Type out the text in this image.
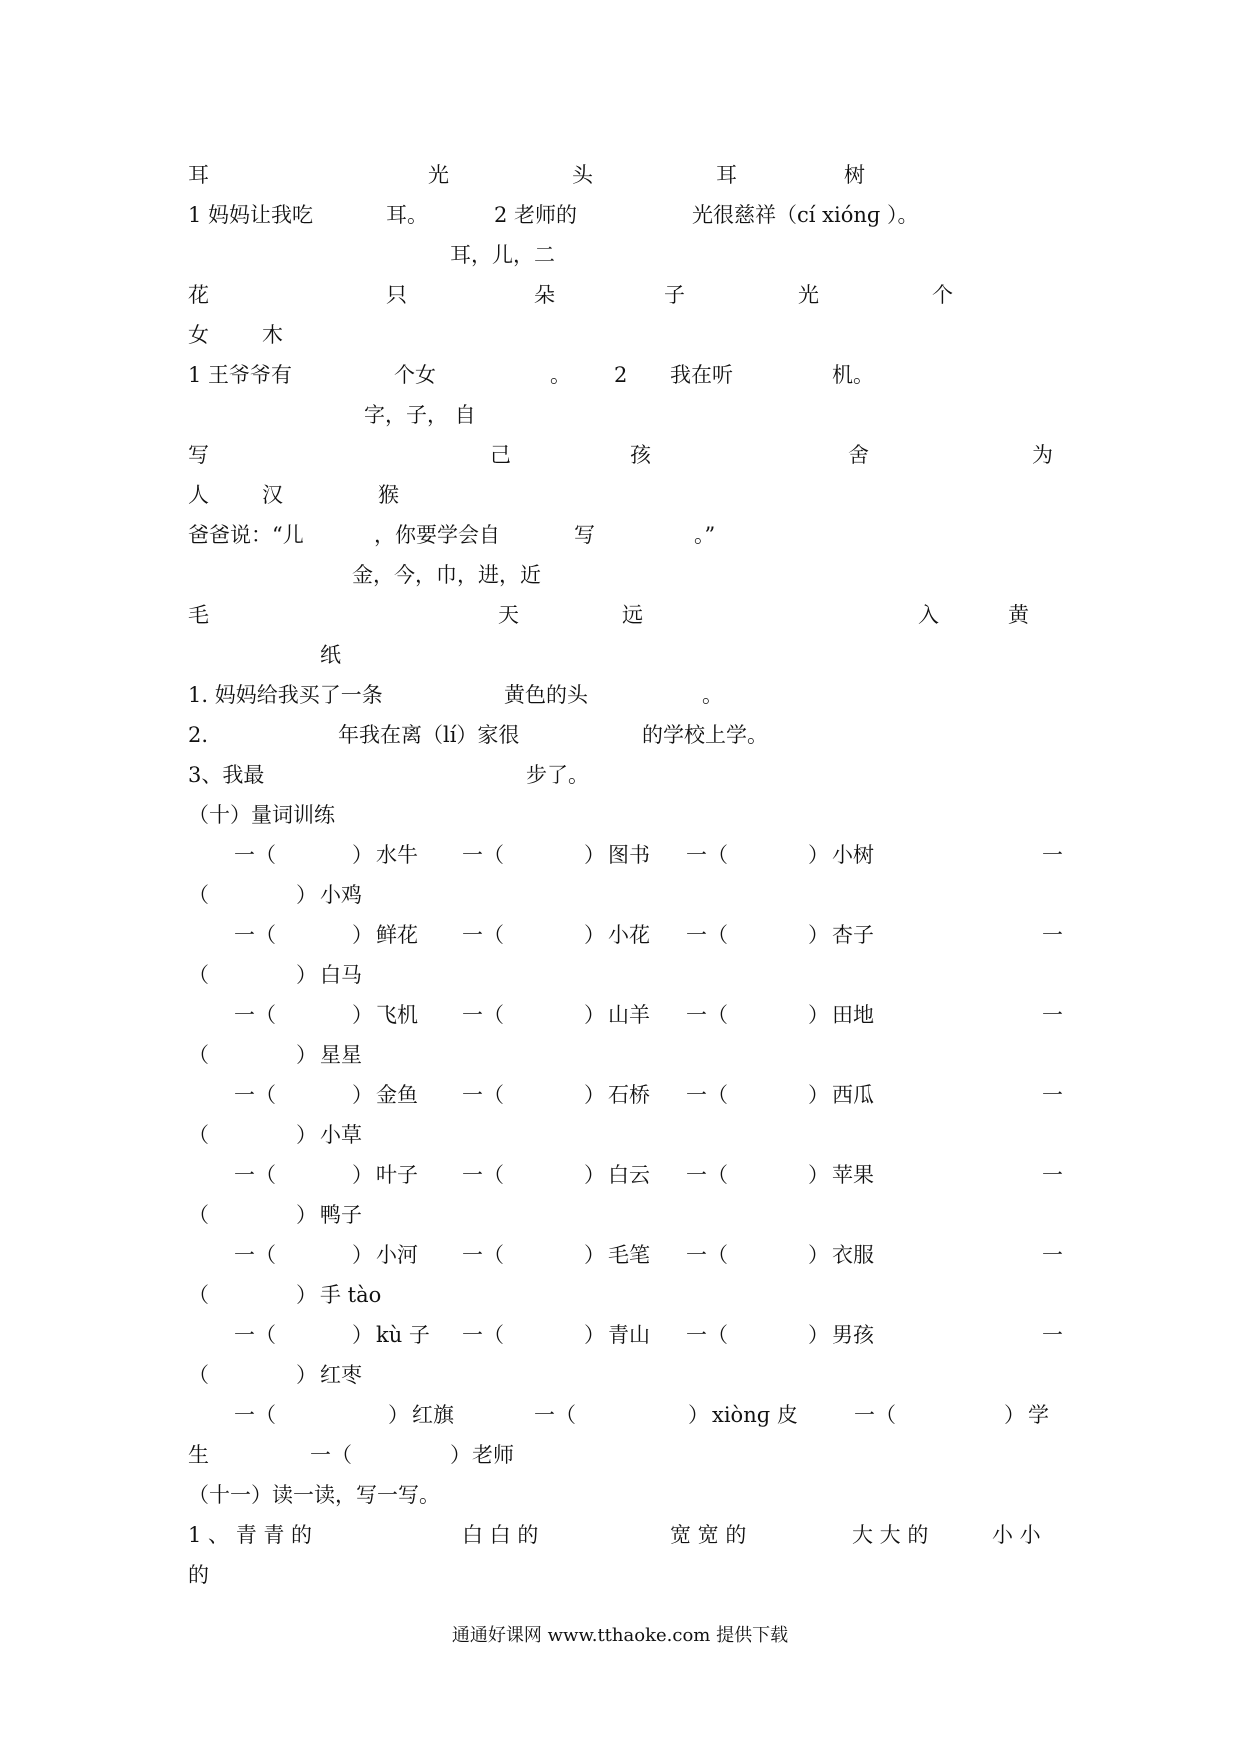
耳	光	头	耳	树
1 妈妈让我吃	耳。	2 老师的	光很慈祥（cí xiónɡ ）。
耳，儿，二
花	只	朵	子	光	个
女	木
1 王爷爷有	个女	。 2 我在听	机。
字，子， 自
写	己	孩	舍	为
人	汉	猴
爸爸说：“儿	，你要学会自	写	。”
金，今，巾，进，近
毛	天	远	入	黄
纸
1. 妈妈给我买了一条	黄色的头	。
2.	年我在离（lí）家很	的学校上学。
3、我最	步了。
（十）量词训练
一（	） 水牛 一（	） 图书 一（	） 小树	一
（	） 小鸡
一（	） 鲜花 一（	） 小花 一（	） 杏子	一
（	） 白马
一（	） 飞机 一（	） 山羊 一（	） 田地	一
（	） 星星
一（	） 金鱼 一（	） 石桥 一（	） 西瓜	一
（	） 小草
一（	） 叶子 一（	） 白云 一（	） 苹果	一
（	） 鸭子
一（	） 小河 一（	） 毛笔 一（	） 衣服	一
（	） 手 tào
一（	） kù 子 一（	） 青山 一（	） 男孩	一
（	） 红枣
一（	） 红旗	一（	） xiònɡ 皮	一（	） 学
生	一（	） 老师
（十一）读一读，写一写。
1 、 青 青 的	白 白 的	宽 宽 的	大 大 的	小 小
的
通通好课网 www.tthaoke.com 提供下载
